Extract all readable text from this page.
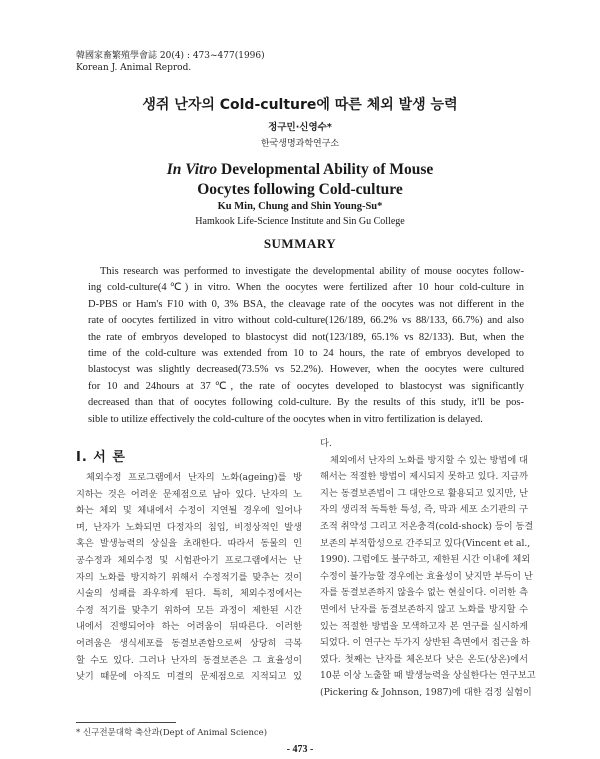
韓國家畜繁殖學會誌 20(4) : 473~477(1996)
Korean J. Animal Reprod.
생쥐 난자의 Cold-culture에 따른 체외 발생 능력
정구민·신영수*
한국생명과학연구소
In Vitro Developmental Ability of Mouse
Oocytes following Cold-culture
Ku Min, Chung and Shin Young-Su*
Hamkook Life-Science Institute and Sin Gu College
SUMMARY
This research was performed to investigate the developmental ability of mouse oocytes follow-
ing cold-culture(4℃) in vitro. When the oocytes were fertilized after 10 hour cold-culture in
D-PBS or Ham's F10 with 0, 3% BSA, the cleavage rate of the oocytes was not different in the
rate of oocytes fertilized in vitro without cold-culture(126/189, 66.2% vs 88/133, 66.7%) and also
the rate of embryos developed to blastocyst did not(123/189, 65.1% vs 82/133). But, when the
time of the cold-culture was extended from 10 to 24 hours, the rate of embryos developed to
blastocyst was slightly decreased(73.5% vs 52.2%). However, when the oocytes were cultured
for 10 and 24hours at 37℃, the rate of oocytes developed to blastocyst was significantly
decreased than that of oocytes following cold-culture. By the results of this study, it'll be pos-
sible to utilize effectively the cold-culture of the oocytes when in vitro fertilization is delayed.
I. 서 론
체외수정 프로그램에서 난자의 노화(ageing)를 방
지하는 것은 어려운 문제점으로 남아 있다. 난자의 노
화는 체외 및 체내에서 수정이 지연될 경우에 일어나
며, 난자가 노화되면 다정자의 침입, 비정상적인 발생
혹은 발생능력의 상실을 초래한다. 따라서 동물의 인
공수정과 체외수정 및 시험관아기 프로그램에서는 난
자의 노화를 방지하기 위해서 수정적기를 맞추는 것이
시술의 성패를 좌우하게 된다. 특히, 체외수정에서는
수정 적기를 맞추기 위하여 모든 과정이 제한된 시간
내에서 진행되어야 하는 어려움이 뒤따른다. 이러한
어려움은 생식세포를 동결보존함으로써 상당히 극복
할 수도 있다. 그러나 난자의 동결보존은 그 효율성이
낮기 때문에 아직도 미결의 문제점으로 지적되고 있
다.
체외에서 난자의 노화를 방지할 수 있는 방법에 대
해서는 적절한 방법이 제시되지 못하고 있다. 지금까
지는 동결보존법이 그 대안으로 활용되고 있지만, 난
자의 생리적 독특한 특성, 즉, 막과 세포 소기관의 구
조적 취약성 그리고 저온충격(cold-shock) 등이 동결
보존의 부적합성으로 간주되고 있다(Vincent et al.,
1990). 그럼에도 불구하고, 제한된 시간 이내에 체외
수정이 불가능할 경우에는 효율성이 낮지만 부득이 난
자를 동결보존하지 않을수 없는 현실이다. 이러한 측
면에서 난자를 동결보존하지 않고 노화를 방지할 수
있는 적절한 방법을 모색하고자 본 연구를 실시하게
되었다. 이 연구는 두가지 상반된 측면에서 접근을 하
였다. 첫째는 난자를 체온보다 낮은 온도(상온)에서
10분 이상 노출할 때 발생능력을 상실한다는 연구보고
(Pickering & Johnson, 1987)에 대한 검정 실험이
* 신구전문대학 축산과(Dept of Animal Science)
- 473 -
